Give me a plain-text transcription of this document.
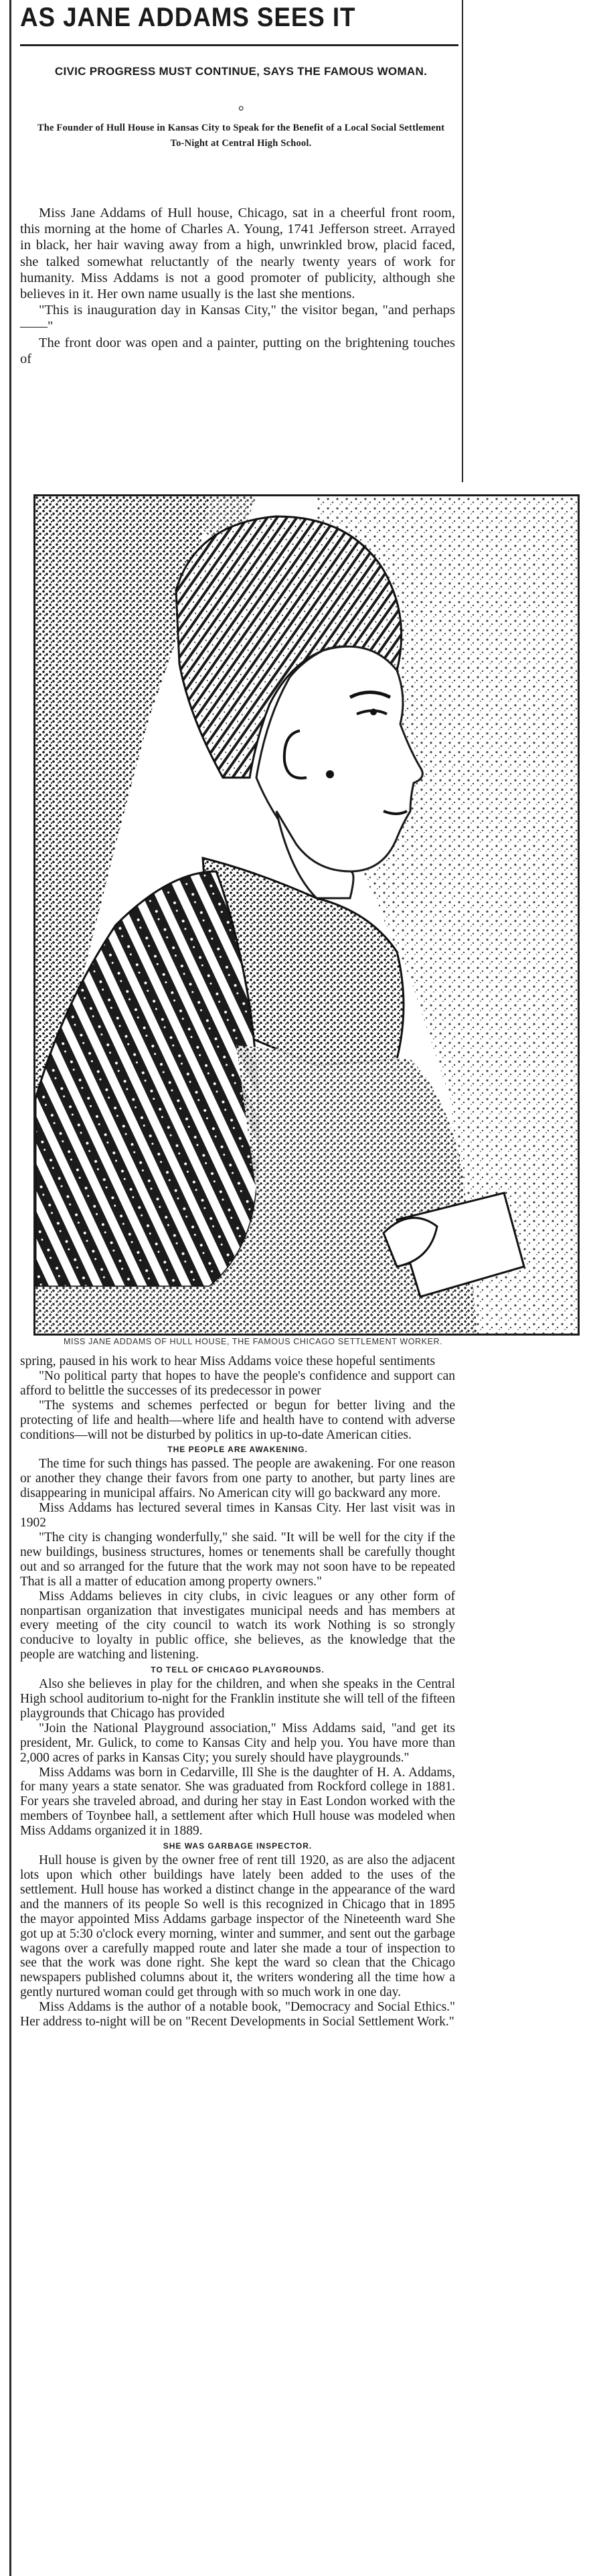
AS JANE ADDAMS SEES IT
CIVIC PROGRESS MUST CONTINUE, SAYS THE FAMOUS WOMAN.
⸰
The Founder of Hull House in Kansas City to Speak for the Benefit of a Local Social Settlement To-Night at Central High School.

Miss Jane Addams of Hull house, Chicago, sat in a cheerful front room, this morning at the home of Charles A. Young, 1741 Jefferson street. Arrayed in black, her hair waving away from a high, unwrinkled brow, placid faced, she talked somewhat reluctantly of the nearly twenty years of work for humanity. Miss Addams is not a good promoter of publicity, although she believes in it. Her own name usually is the last she mentions.

"This is inauguration day in Kansas City," the visitor began, "and perhaps——"

The front door was open and a painter, putting on the brightening touches of

MISS JANE ADDAMS OF HULL HOUSE, THE FAMOUS CHICAGO SETTLEMENT WORKER.

spring, paused in his work to hear Miss Addams voice these hopeful sentiments

"No political party that hopes to have the people's confidence and support can afford to belittle the successes of its predecessor in power

"The systems and schemes perfected or begun for better living and the protecting of life and health—where life and health have to contend with adverse conditions—will not be disturbed by politics in up-to-date American cities.

THE PEOPLE ARE AWAKENING.

The time for such things has passed. The people are awakening. For one reason or another they change their favors from one party to another, but party lines are disappearing in municipal affairs. No American city will go backward any more.

Miss Addams has lectured several times in Kansas City. Her last visit was in 1902

"The city is changing wonderfully," she said. "It will be well for the city if the new buildings, business structures, homes or tenements shall be carefully thought out and so arranged for the future that the work may not soon have to be repeated That is all a matter of education among property owners."

Miss Addams believes in city clubs, in civic leagues or any other form of nonpartisan organization that investigates municipal needs and has members at every meeting of the city council to watch its work Nothing is so strongly conducive to loyalty in public office, she believes, as the knowledge that the people are watching and listening.

TO TELL OF CHICAGO PLAYGROUNDS.

Also she believes in play for the children, and when she speaks in the Central High school auditorium to-night for the Franklin institute she will tell of the fifteen playgrounds that Chicago has provided

"Join the National Playground association," Miss Addams said, "and get its president, Mr. Gulick, to come to Kansas City and help you. You have more than 2,000 acres of parks in Kansas City; you surely should have playgrounds."

Miss Addams was born in Cedarville, Ill She is the daughter of H. A. Addams, for many years a state senator. She was graduated from Rockford college in 1881. For years she traveled abroad, and during her stay in East London worked with the members of Toynbee hall, a settlement after which Hull house was modeled when Miss Addams organized it in 1889.

SHE WAS GARBAGE INSPECTOR.

Hull house is given by the owner free of rent till 1920, as are also the adjacent lots upon which other buildings have lately been added to the uses of the settlement. Hull house has worked a distinct change in the appearance of the ward and the manners of its people So well is this recognized in Chicago that in 1895 the mayor appointed Miss Addams garbage inspector of the Nineteenth ward She got up at 5:30 o'clock every morning, winter and summer, and sent out the garbage wagons over a carefully mapped route and later she made a tour of inspection to see that the work was done right. She kept the ward so clean that the Chicago newspapers published columns about it, the writers wondering all the time how a gently nurtured woman could get through with so much work in one day.

Miss Addams is the author of a notable book, "Democracy and Social Ethics." Her address to-night will be on "Recent Developments in Social Settlement Work."
